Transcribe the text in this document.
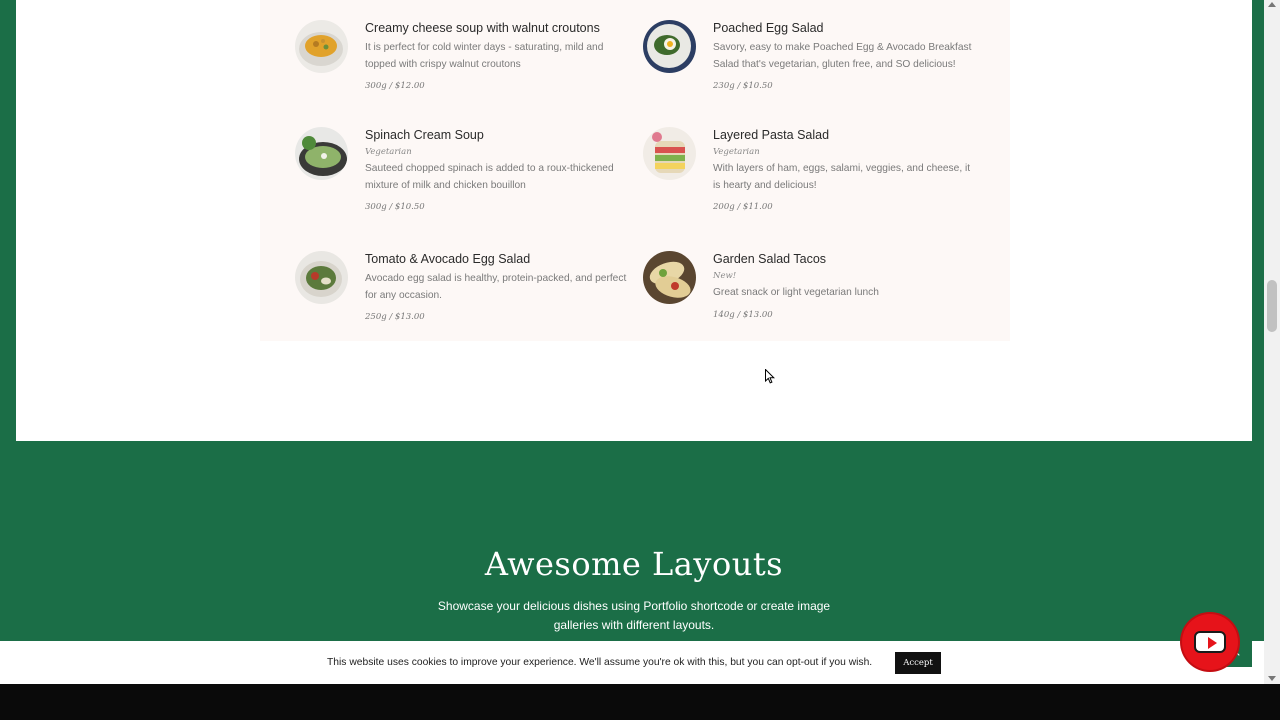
Creamy cheese soup with walnut croutons
It is perfect for cold winter days - saturating, mild and topped with crispy walnut croutons
300g / $12.00
Spinach Cream Soup
Vegetarian
Sauteed chopped spinach is added to a roux-thickened mixture of milk and chicken bouillon
300g / $10.50
Tomato & Avocado Egg Salad
Avocado egg salad is healthy, protein-packed, and perfect for any occasion.
250g / $13.00
Poached Egg Salad
Savory, easy to make Poached Egg & Avocado Breakfast Salad that's vegetarian, gluten free, and SO delicious!
230g / $10.50
Layered Pasta Salad
Vegetarian
With layers of ham, eggs, salami, veggies, and cheese, it is hearty and delicious!
200g / $11.00
Garden Salad Tacos
New!
Great snack or light vegetarian lunch
140g / $13.00
Awesome Layouts
Showcase your delicious dishes using Portfolio shortcode or create image galleries with different layouts.
This website uses cookies to improve your experience. We'll assume you're ok with this, but you can opt-out if you wish.	Accept
